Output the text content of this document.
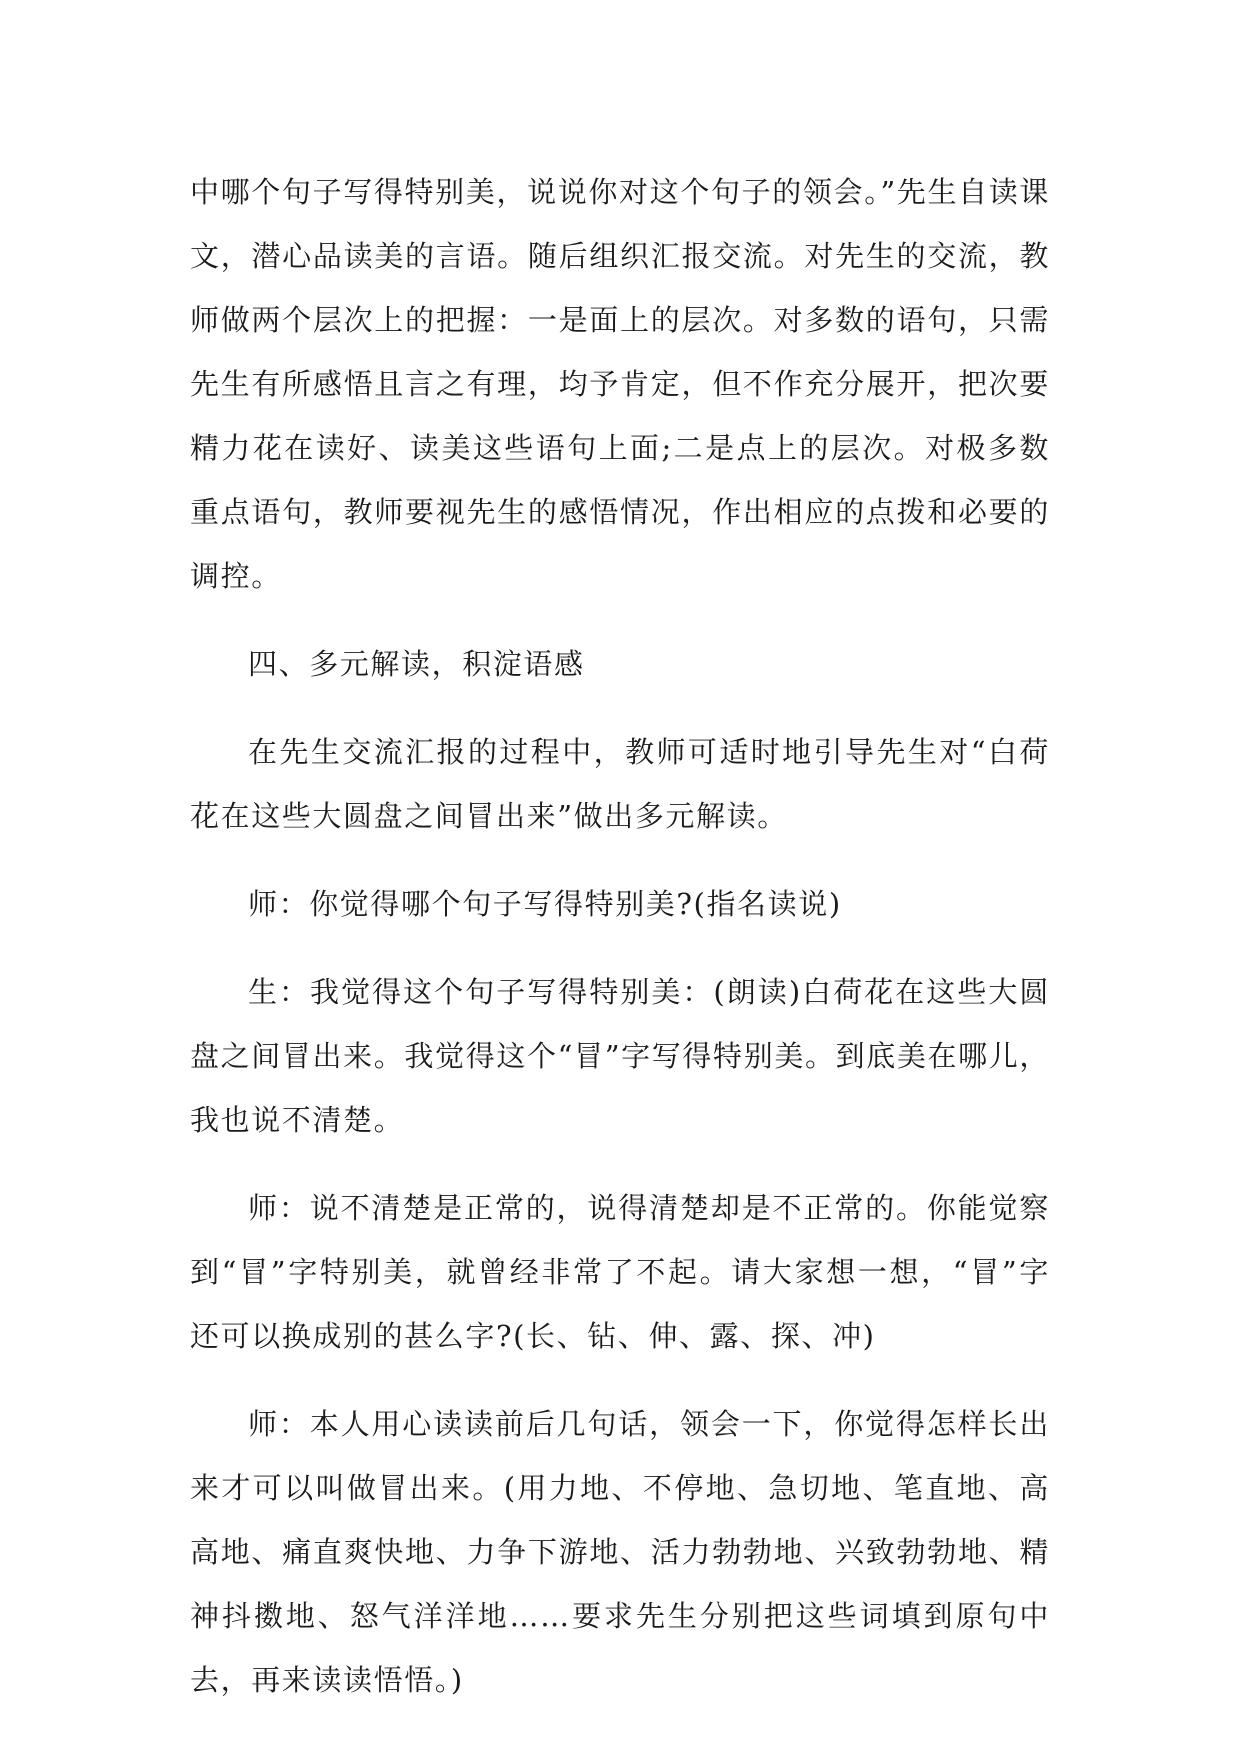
中哪个句子写得特别美，说说你对这个句子的领会。”先生自读课文，潜心品读美的言语。随后组织汇报交流。对先生的交流，教师做两个层次上的把握：一是面上的层次。对多数的语句，只需先生有所感悟且言之有理，均予肯定，但不作充分展开，把次要精力花在读好、读美这些语句上面;二是点上的层次。对极多数重点语句，教师要视先生的感悟情况，作出相应的点拨和必要的调控。

四、多元解读，积淀语感

在先生交流汇报的过程中，教师可适时地引导先生对“白荷花在这些大圆盘之间冒出来”做出多元解读。

师：你觉得哪个句子写得特别美?(指名读说)

生：我觉得这个句子写得特别美：(朗读)白荷花在这些大圆盘之间冒出来。我觉得这个“冒”字写得特别美。到底美在哪儿，我也说不清楚。

师：说不清楚是正常的，说得清楚却是不正常的。你能觉察到“冒”字特别美，就曾经非常了不起。请大家想一想，“冒”字还可以换成别的甚么字?(长、钻、伸、露、探、冲)

师：本人用心读读前后几句话，领会一下，你觉得怎样长出来才可以叫做冒出来。(用力地、不停地、急切地、笔直地、高高地、痛直爽快地、力争下游地、活力勃勃地、兴致勃勃地、精神抖擞地、怒气洋洋地……要求先生分别把这些词填到原句中去，再来读读悟悟。)
